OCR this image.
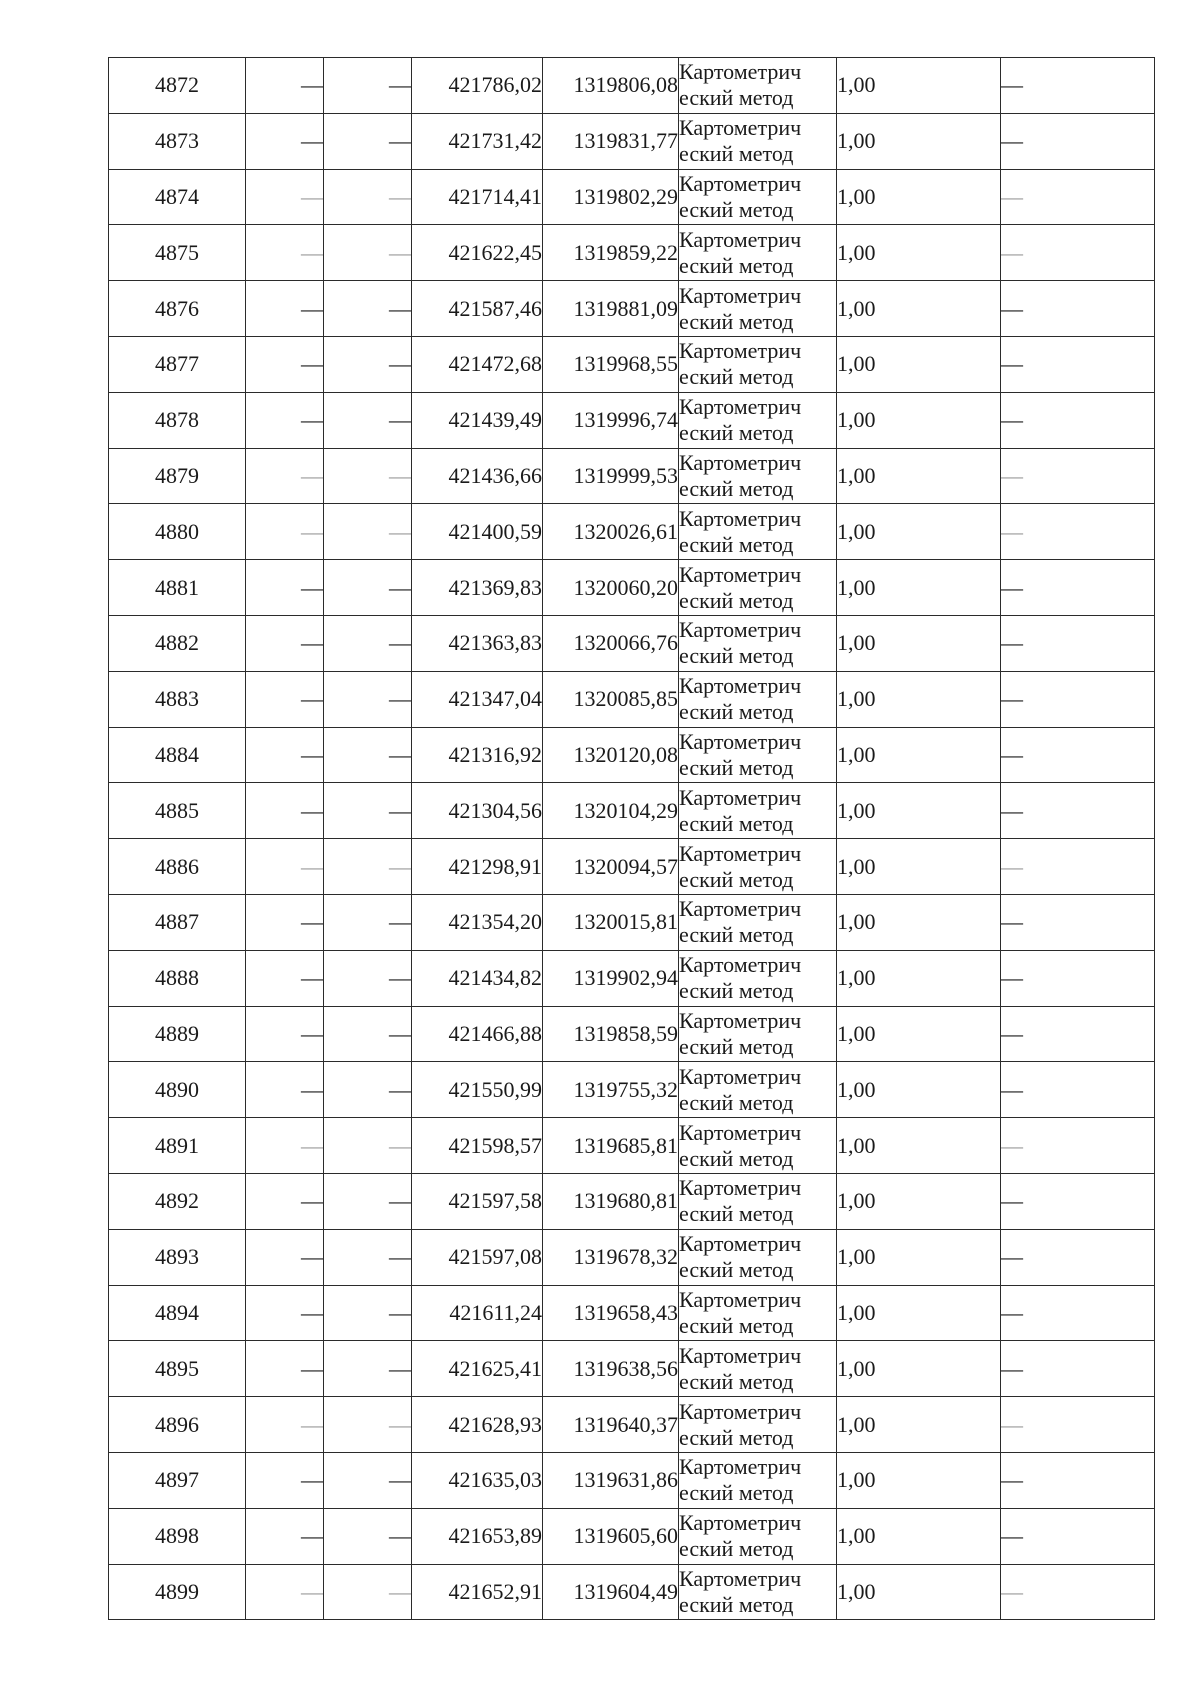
4872	—	—	421786,02	1319806,08	Картометрич
еский метод	1,00	—
4873	—	—	421731,42	1319831,77	Картометрич
еский метод	1,00	—
4874	—	—	421714,41	1319802,29	Картометрич
еский метод	1,00	—
4875	—	—	421622,45	1319859,22	Картометрич
еский метод	1,00	—
4876	—	—	421587,46	1319881,09	Картометрич
еский метод	1,00	—
4877	—	—	421472,68	1319968,55	Картометрич
еский метод	1,00	—
4878	—	—	421439,49	1319996,74	Картометрич
еский метод	1,00	—
4879	—	—	421436,66	1319999,53	Картометрич
еский метод	1,00	—
4880	—	—	421400,59	1320026,61	Картометрич
еский метод	1,00	—
4881	—	—	421369,83	1320060,20	Картометрич
еский метод	1,00	—
4882	—	—	421363,83	1320066,76	Картометрич
еский метод	1,00	—
4883	—	—	421347,04	1320085,85	Картометрич
еский метод	1,00	—
4884	—	—	421316,92	1320120,08	Картометрич
еский метод	1,00	—
4885	—	—	421304,56	1320104,29	Картометрич
еский метод	1,00	—
4886	—	—	421298,91	1320094,57	Картометрич
еский метод	1,00	—
4887	—	—	421354,20	1320015,81	Картометрич
еский метод	1,00	—
4888	—	—	421434,82	1319902,94	Картометрич
еский метод	1,00	—
4889	—	—	421466,88	1319858,59	Картометрич
еский метод	1,00	—
4890	—	—	421550,99	1319755,32	Картометрич
еский метод	1,00	—
4891	—	—	421598,57	1319685,81	Картометрич
еский метод	1,00	—
4892	—	—	421597,58	1319680,81	Картометрич
еский метод	1,00	—
4893	—	—	421597,08	1319678,32	Картометрич
еский метод	1,00	—
4894	—	—	421611,24	1319658,43	Картометрич
еский метод	1,00	—
4895	—	—	421625,41	1319638,56	Картометрич
еский метод	1,00	—
4896	—	—	421628,93	1319640,37	Картометрич
еский метод	1,00	—
4897	—	—	421635,03	1319631,86	Картометрич
еский метод	1,00	—
4898	—	—	421653,89	1319605,60	Картометрич
еский метод	1,00	—
4899	—	—	421652,91	1319604,49	Картометрич
еский метод	1,00	—
